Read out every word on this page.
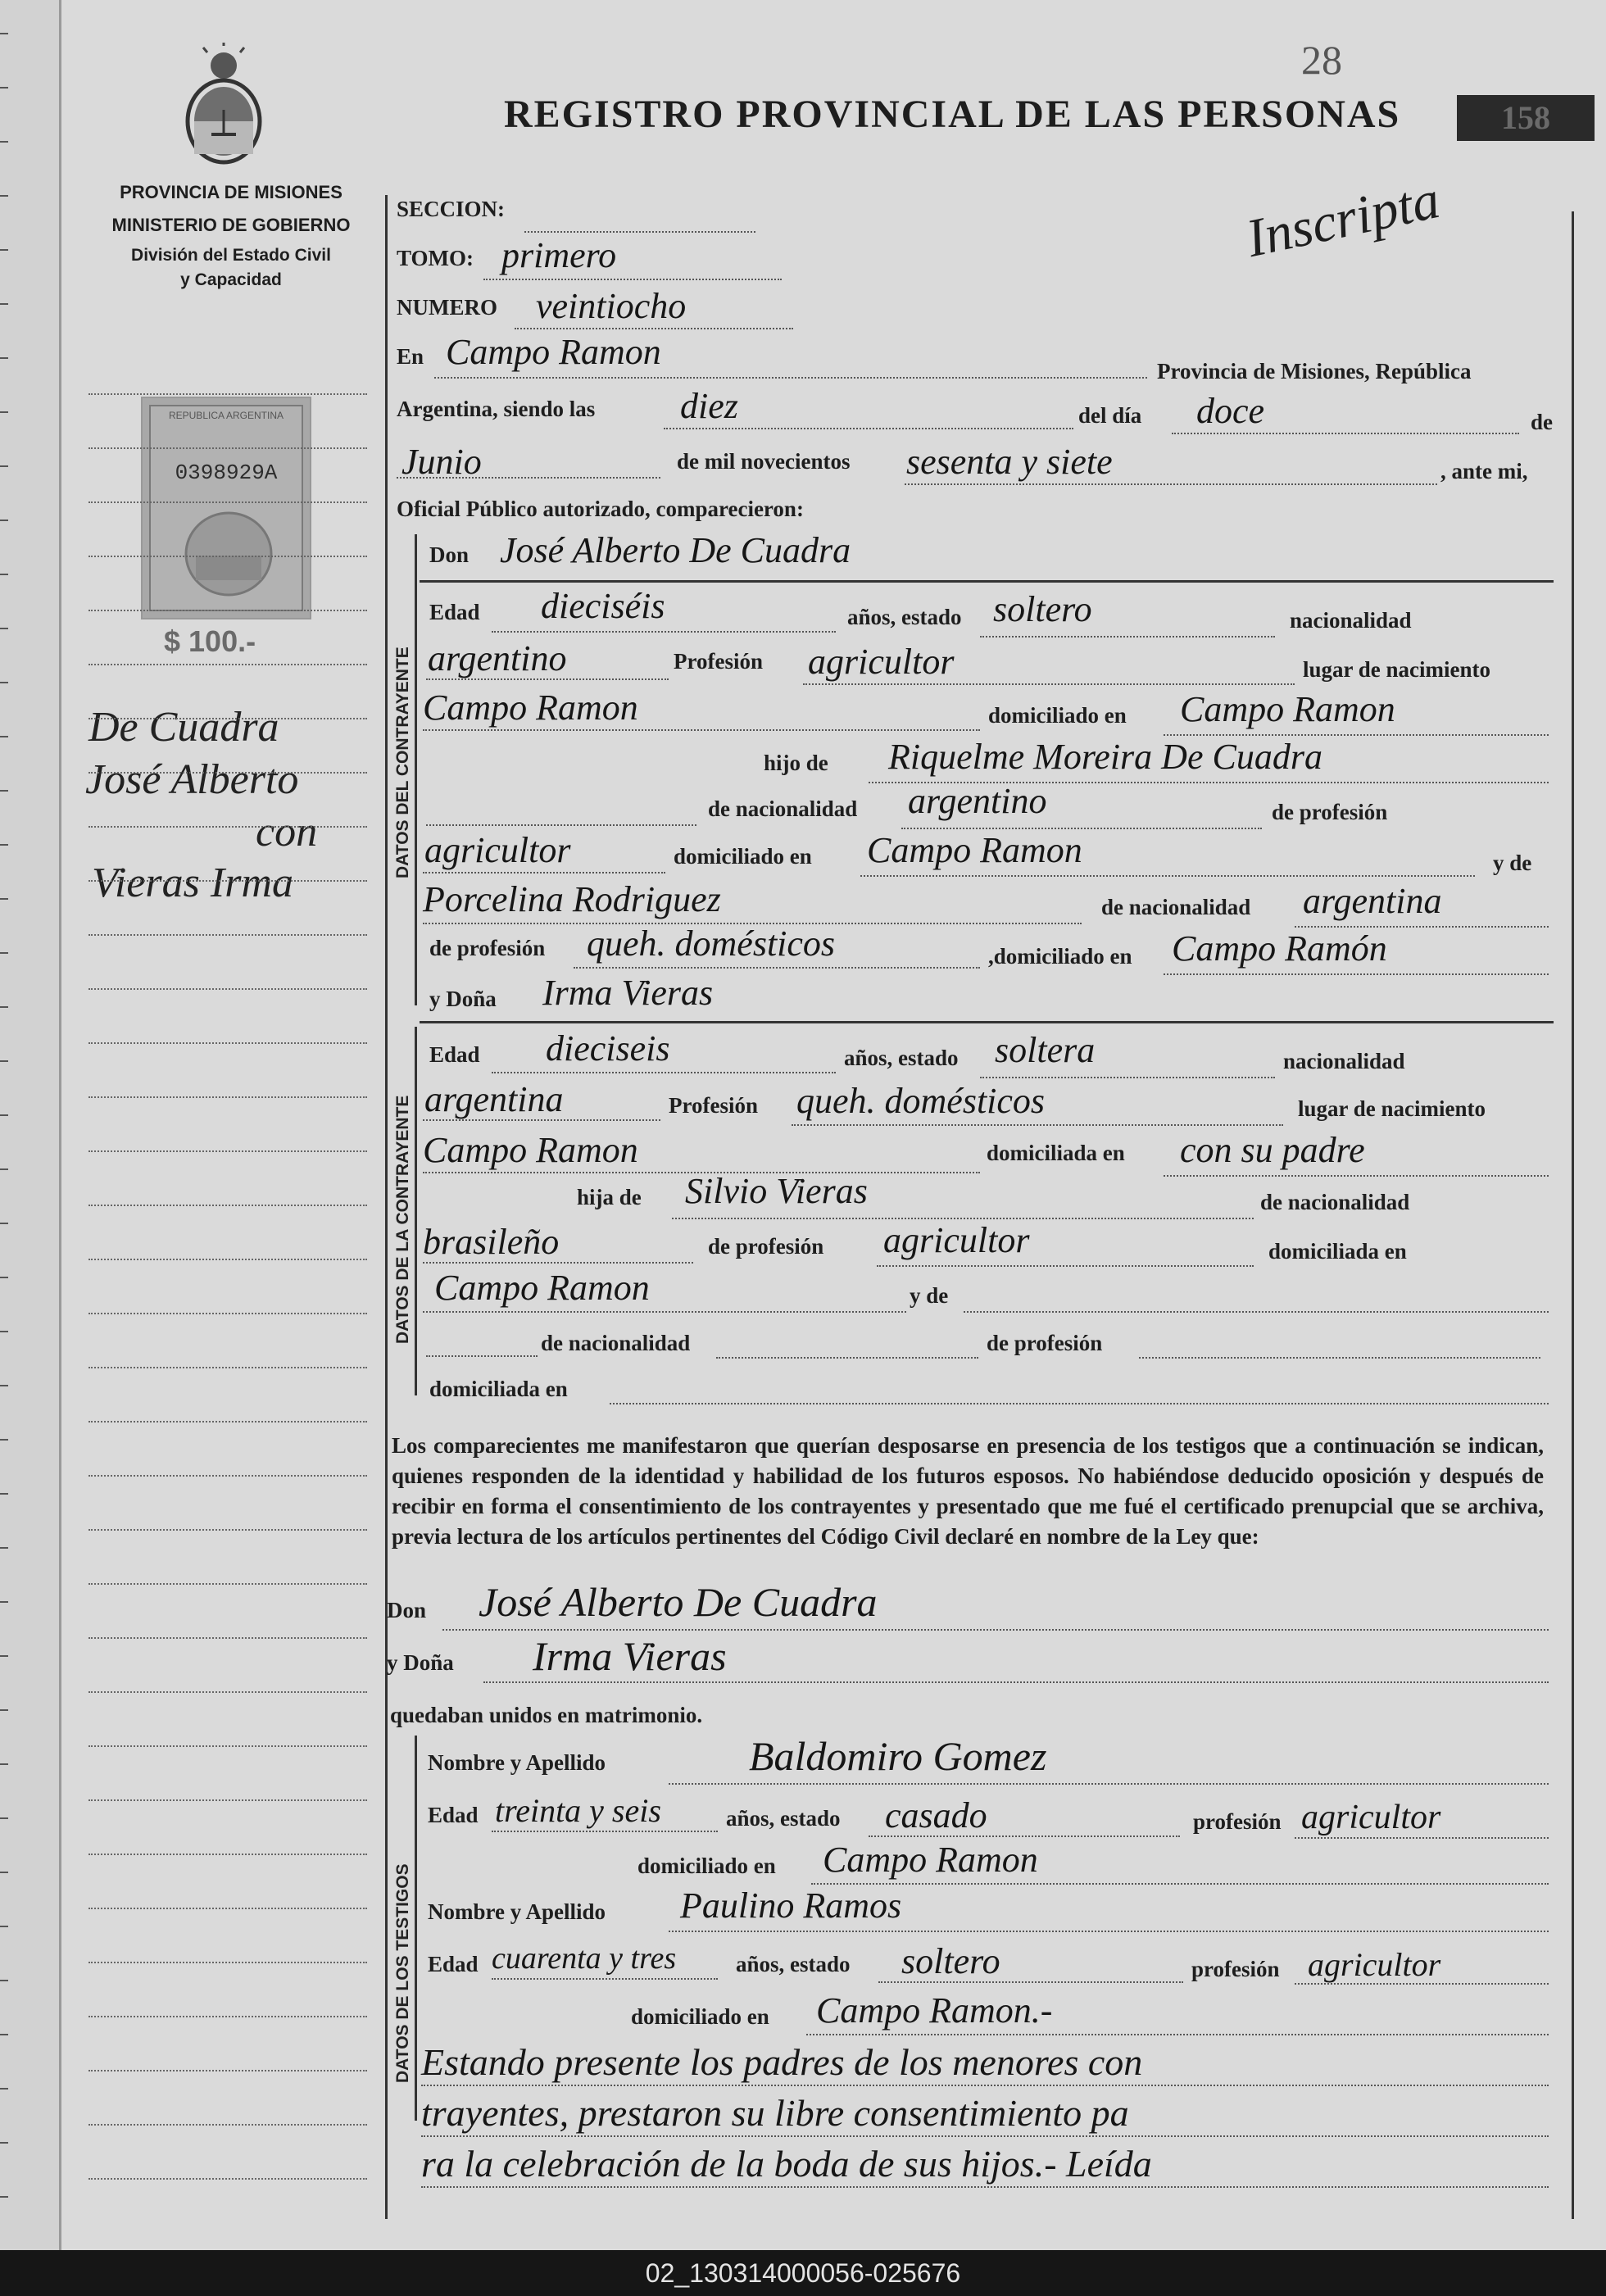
PROVINCIA DE MISIONES
MINISTERIO DE GOBIERNO
División del Estado Civil
y Capacidad
REPUBLICA ARGENTINA
0398929A
$ 100.-
De Cuadra
José Alberto
con
Vieras Irma
28
REGISTRO PROVINCIAL DE LAS PERSONAS	158
Inscripta
DATOS DEL CONTRAYENTE
DATOS DE LA CONTRAYENTE
DATOS DE LOS TESTIGOS
SECCION:
TOMO: primero
NUMERO veintiocho
En Campo Ramon	Provincia de Misiones, República
Argentina, siendo las diez	del día doce	de
Junio	de mil novecientos sesenta y siete	, ante mi,
Oficial Público autorizado, comparecieron:
Don José Alberto De Cuadra
Edad dieciséis	años, estado soltero	nacionalidad
argentino	Profesión agricultor	lugar de nacimiento
Campo Ramon	domiciliado en Campo Ramon
hijo de Riquelme Moreira De Cuadra
de nacionalidad argentino	de profesión
agricultor	domiciliado en Campo Ramon	y de
Porcelina Rodriguez	de nacionalidad argentina
de profesión queh. domésticos	,domiciliado en Campo Ramón
y Doña Irma Vieras
Edad dieciseis	años, estado soltera	nacionalidad
argentina	Profesión queh. domésticos	lugar de nacimiento
Campo Ramon	domiciliada en con su padre
hija de Silvio Vieras	de nacionalidad
brasileño	de profesión agricultor	domiciliada en
Campo Ramon	y de
de nacionalidad	de profesión
domiciliada en
Los comparecientes me manifestaron que querían desposarse en presencia de los testigos que a continuación se indican, quienes responden de la identidad y habilidad de los futuros esposos. No habiéndose deducido oposición y después de recibir en forma el consentimiento de los contrayentes y presentado que me fué el certificado prenupcial que se archiva, previa lectura de los artículos pertinentes del Código Civil declaré en nombre de la Ley que:
Don José Alberto De Cuadra
y Doña Irma Vieras
quedaban unidos en matrimonio.
Nombre y Apellido	Baldomiro Gomez
Edad treinta y seis	años, estado casado	profesión agricultor
domiciliado en Campo Ramon
Nombre y Apellido Paulino Ramos
Edad cuarenta y tres	años, estado soltero	profesión agricultor
domiciliado en Campo Ramon.-
Estando presente los padres de los menores con
trayentes, prestaron su libre consentimiento pa
ra la celebración de la boda de sus hijos.- Leída
02_130314000056-025676
